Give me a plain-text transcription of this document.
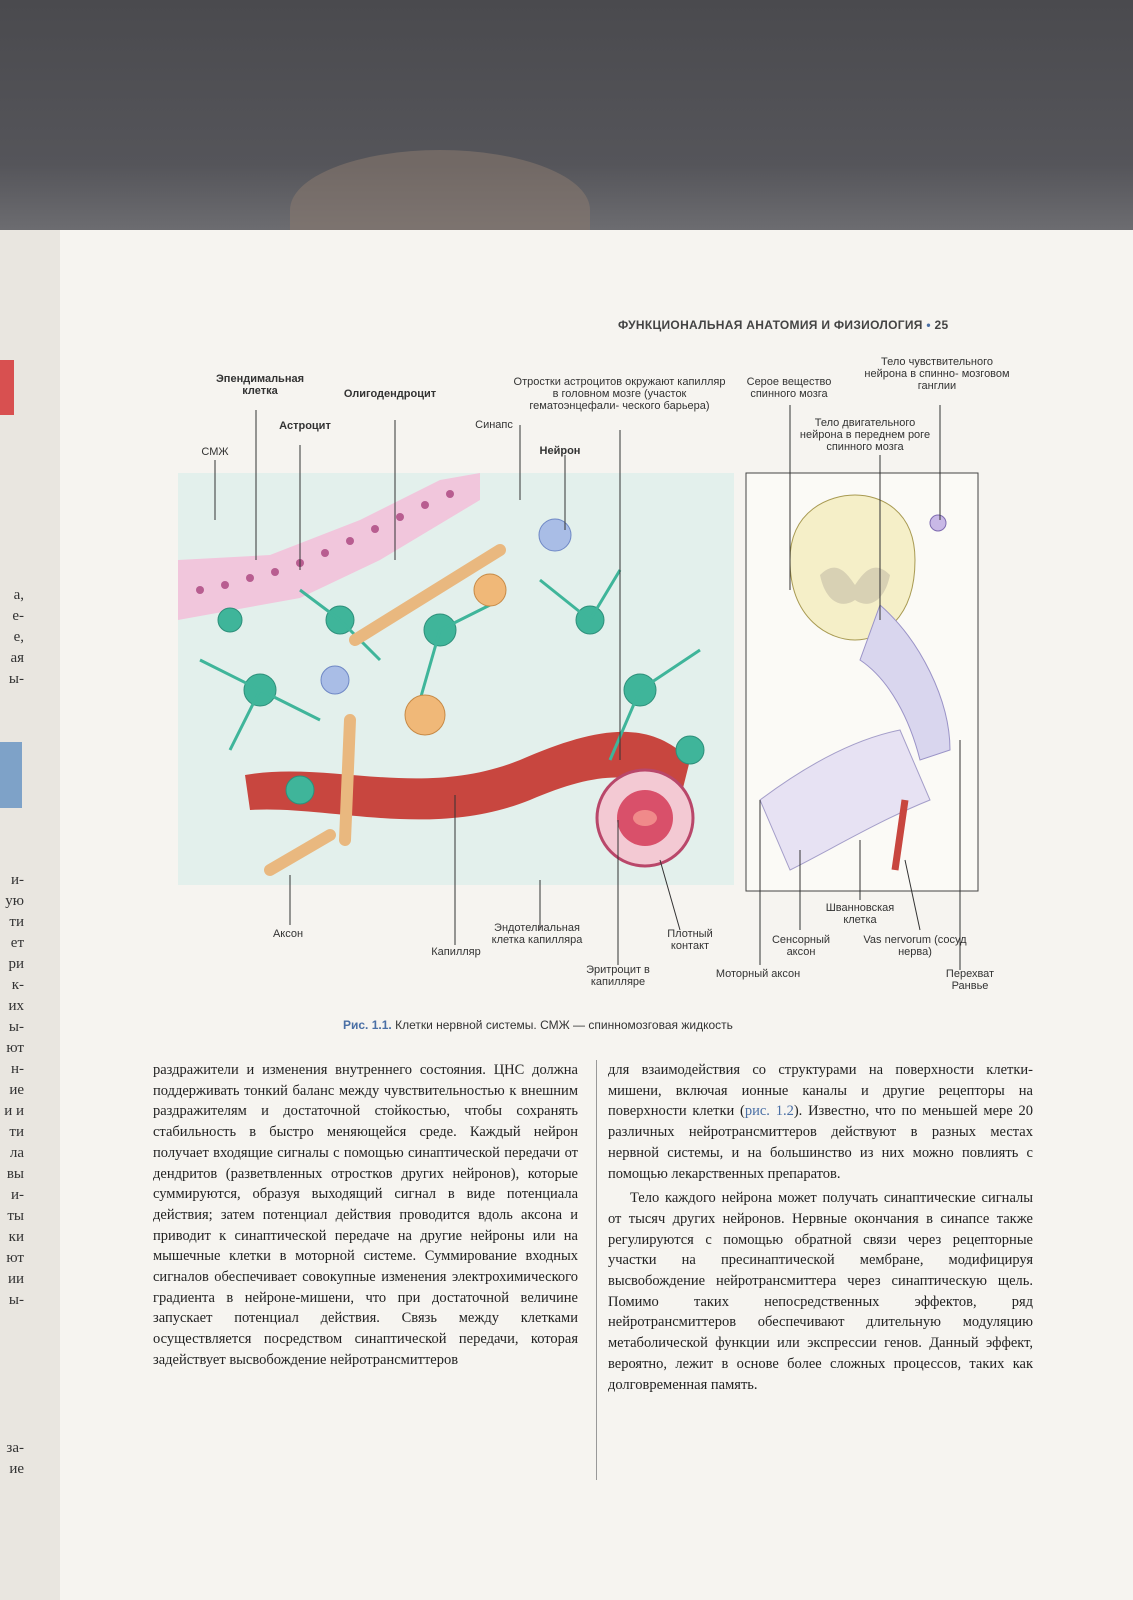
а,
е-
е,
ая
ы-
и-
ую
ти
ет
ри
к-
их
ы-
ют
н-
ие
и и
ти
ла
вы
и-
ты
ки
ют
ии
ы-
за-
ие
ФУНКЦИОНАЛЬНАЯ АНАТОМИЯ И ФИЗИОЛОГИЯ • 25
Эпендимальная клетка	Олигодендроцит
Астроцит
СМЖ
Синапс
Нейрон
Отростки астроцитов окружают капилляр в головном мозге (участок гематоэнцефали- ческого барьера)
Серое вещество спинного мозга
Тело чувствительного нейрона в спинно- мозговом ганглии
Тело двигательного нейрона в переднем роге спинного мозга
Аксон
Капилляр
Эндотелиальная клетка капилляра
Эритроцит в капилляре
Плотный контакт
Моторный аксон
Сенсорный аксон
Шванновская клетка
Vas nervorum (сосуд нерва)
Перехват Ранвье
Рис. 1.1. Клетки нервной системы. СМЖ — спинномозговая жидкость

раздражители и изменения внутреннего состояния. ЦНС должна поддерживать тонкий баланс между чувствительностью к внешним раздражителям и достаточной стойкостью, чтобы сохранять стабильность в быстро меняющейся среде. Каждый нейрон получает входящие сигналы с помощью синаптической передачи от дендритов (разветвленных отростков других нейронов), которые суммируются, образуя выходящий сигнал в виде потенциала действия; затем потенциал действия проводится вдоль аксона и приводит к синаптической передаче на другие нейроны или на мышечные клетки в моторной системе. Суммирование входных сигналов обеспечивает совокупные изменения электрохимического градиента в нейроне-мишени, что при достаточной величине запускает потенциал действия. Связь между клетками осуществляется посредством синаптической передачи, которая задействует высвобождение нейротрансмиттеров

для взаимодействия со структурами на поверхности клетки-мишени, включая ионные каналы и другие рецепторы на поверхности клетки (рис. 1.2). Известно, что по меньшей мере 20 различных нейротрансмиттеров действуют в разных местах нервной системы, и на большинство из них можно повлиять с помощью лекарственных препаратов.

Тело каждого нейрона может получать синаптические сигналы от тысяч других нейронов. Нервные окончания в синапсе также регулируются с помощью обратной связи через рецепторные участки на пресинаптической мембране, модифицируя высвобождение нейротрансмиттера через синаптическую щель. Помимо таких непосредственных эффектов, ряд нейротрансмиттеров обеспечивают длительную модуляцию метаболической функции или экспрессии генов. Данный эффект, вероятно, лежит в основе более сложных процессов, таких как долговременная память.
